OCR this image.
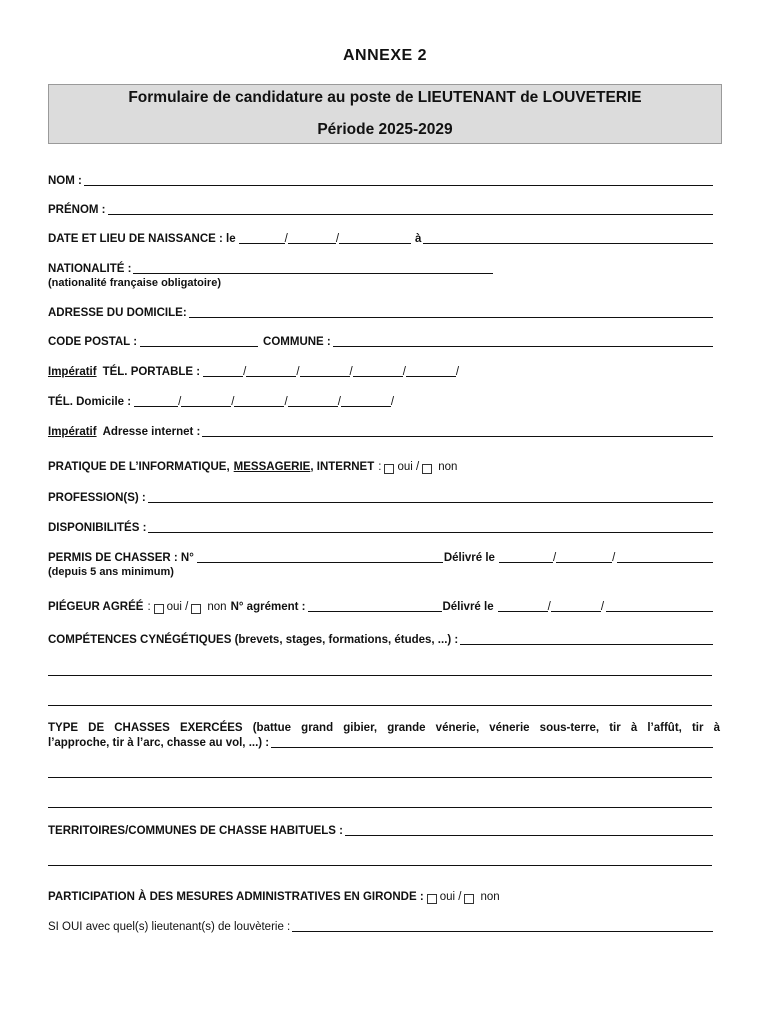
ANNEXE 2
Formulaire de candidature au poste de LIEUTENANT de LOUVETERIE
Période 2025-2029
NOM :
PRÉNOM :
DATE ET LIEU DE NAISSANCE : le	/	/	à
NATIONALITÉ :
(nationalité française obligatoire)
ADRESSE DU DOMICILE:
CODE POSTAL :	COMMUNE :
Impératif TÉL. PORTABLE :	/	/	/	/	/
TÉL. Domicile :	/	/	/	/	/
Impératif Adresse internet :
PRATIQUE DE L’INFORMATIQUE, MESSAGERIE , INTERNET : oui / non
PROFESSION(S) :
DISPONIBILITÉS :
PERMIS DE CHASSER : N°	Délivré le	/	/
(depuis 5 ans minimum)
PIÉGEUR AGRÉÉ : oui / non N° agrément :	Délivré le	/	/
COMPÉTENCES CYNÉGÉTIQUES (brevets, stages, formations, études, ...) :
TYPE DE CHASSES EXERCÉES (battue grand gibier, grande vénerie, vénerie sous-terre, tir à l’affût, tir à
l’approche, tir à l’arc, chasse au vol, ...) :
TERRITOIRES/COMMUNES DE CHASSE HABITUELS :
PARTICIPATION À DES MESURES ADMINISTRATIVES EN GIRONDE : oui / non
SI OUI avec quel(s) lieutenant(s) de louvèterie :
